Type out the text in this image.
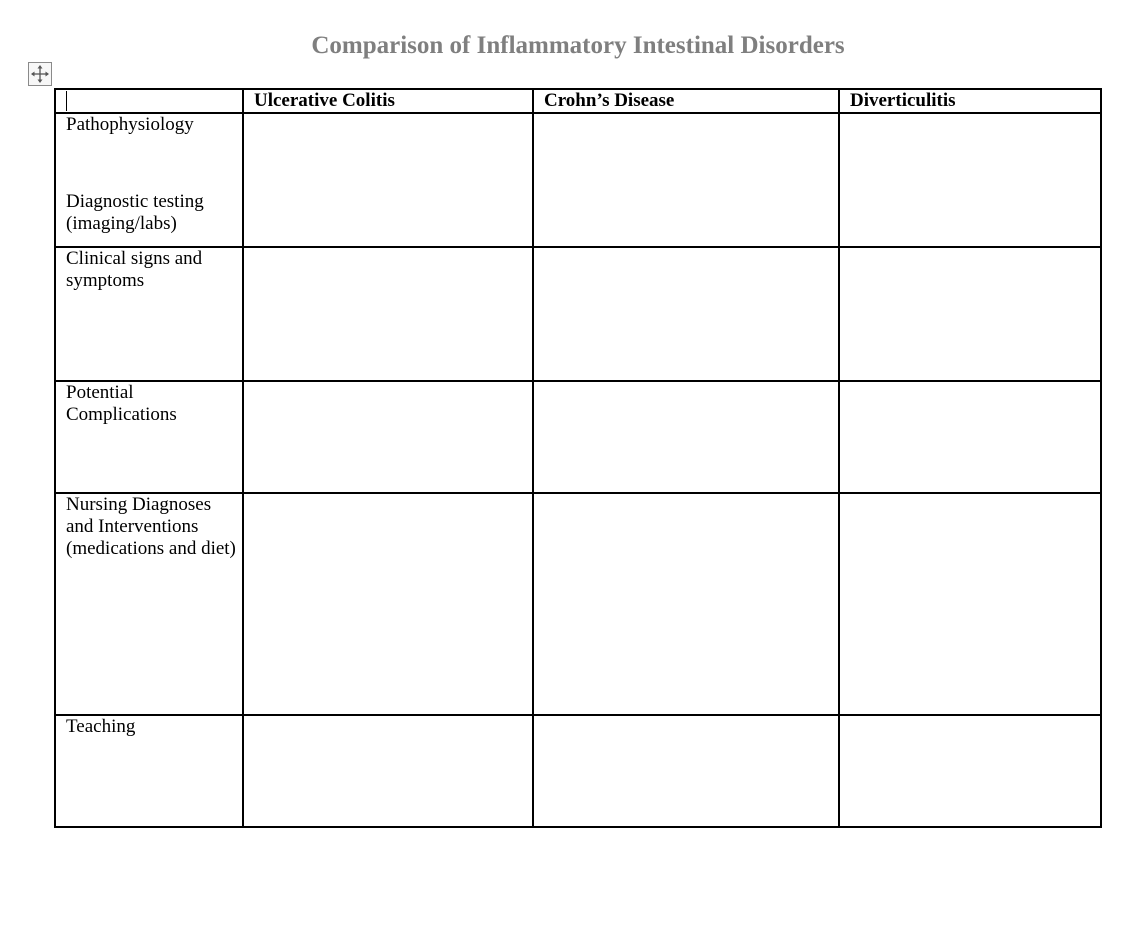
Comparison of Inflammatory Intestinal Disorders
	Ulcerative Colitis	Crohn’s Disease	Diverticulitis
Pathophysiology
Diagnostic testing (imaging/labs)			

Clinical signs and symptoms			
Potential Complications			
Nursing Diagnoses and Interventions (medications and diet)			
Teaching			
